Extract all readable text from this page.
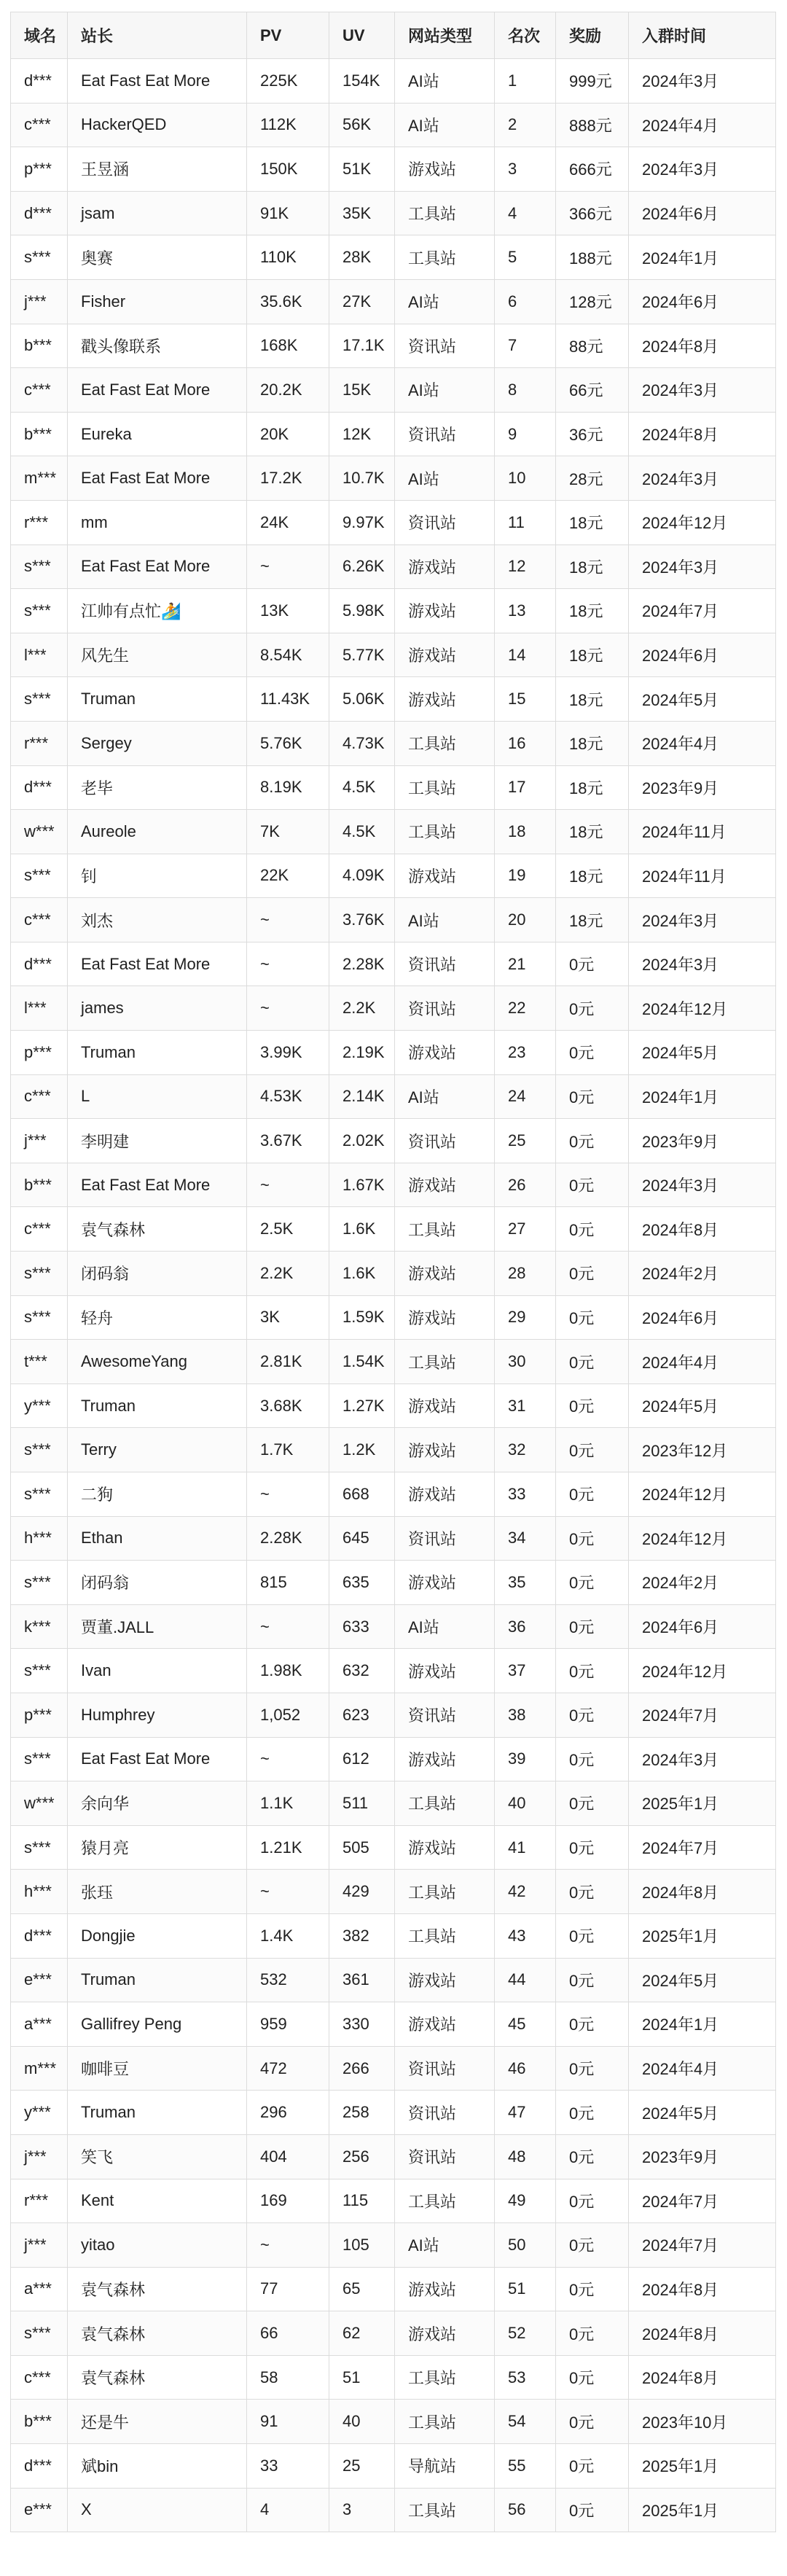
域名	站长	PV	UV	网站类型	名次	奖励	入群时间
d***	Eat Fast Eat More	225K	154K	AI站	1	999元	2024年3月
c***	HackerQED	112K	56K	AI站	2	888元	2024年4月
p***	王昱涵	150K	51K	游戏站	3	666元	2024年3月
d***	jsam	91K	35K	工具站	4	366元	2024年6月
s***	奥赛	110K	28K	工具站	5	188元	2024年1月
j***	Fisher	35.6K	27K	AI站	6	128元	2024年6月
b***	戳头像联系	168K	17.1K	资讯站	7	88元	2024年8月
c***	Eat Fast Eat More	20.2K	15K	AI站	8	66元	2024年3月
b***	Eureka	20K	12K	资讯站	9	36元	2024年8月
m***	Eat Fast Eat More	17.2K	10.7K	AI站	10	28元	2024年3月
r***	mm	24K	9.97K	资讯站	11	18元	2024年12月
s***	Eat Fast Eat More	~	6.26K	游戏站	12	18元	2024年3月
s***	江帅有点忙🏄	13K	5.98K	游戏站	13	18元	2024年7月
l***	风先生	8.54K	5.77K	游戏站	14	18元	2024年6月
s***	Truman	11.43K	5.06K	游戏站	15	18元	2024年5月
r***	Sergey	5.76K	4.73K	工具站	16	18元	2024年4月
d***	老毕	8.19K	4.5K	工具站	17	18元	2023年9月
w***	Aureole	7K	4.5K	工具站	18	18元	2024年11月
s***	钊	22K	4.09K	游戏站	19	18元	2024年11月
c***	刘杰	~	3.76K	AI站	20	18元	2024年3月
d***	Eat Fast Eat More	~	2.28K	资讯站	21	0元	2024年3月
l***	james	~	2.2K	资讯站	22	0元	2024年12月
p***	Truman	3.99K	2.19K	游戏站	23	0元	2024年5月
c***	L	4.53K	2.14K	AI站	24	0元	2024年1月
j***	李明建	3.67K	2.02K	资讯站	25	0元	2023年9月
b***	Eat Fast Eat More	~	1.67K	游戏站	26	0元	2024年3月
c***	袁气森林	2.5K	1.6K	工具站	27	0元	2024年8月
s***	闭码翁	2.2K	1.6K	游戏站	28	0元	2024年2月
s***	轻舟	3K	1.59K	游戏站	29	0元	2024年6月
t***	AwesomeYang	2.81K	1.54K	工具站	30	0元	2024年4月
y***	Truman	3.68K	1.27K	游戏站	31	0元	2024年5月
s***	Terry	1.7K	1.2K	游戏站	32	0元	2023年12月
s***	二狗	~	668	游戏站	33	0元	2024年12月
h***	Ethan	2.28K	645	资讯站	34	0元	2024年12月
s***	闭码翁	815	635	游戏站	35	0元	2024年2月
k***	贾董.JALL	~	633	AI站	36	0元	2024年6月
s***	Ivan	1.98K	632	游戏站	37	0元	2024年12月
p***	Humphrey	1,052	623	资讯站	38	0元	2024年7月
s***	Eat Fast Eat More	~	612	游戏站	39	0元	2024年3月
w***	余向华	1.1K	511	工具站	40	0元	2025年1月
s***	猿月亮	1.21K	505	游戏站	41	0元	2024年7月
h***	张珏	~	429	工具站	42	0元	2024年8月
d***	Dongjie	1.4K	382	工具站	43	0元	2025年1月
e***	Truman	532	361	游戏站	44	0元	2024年5月
a***	Gallifrey Peng	959	330	游戏站	45	0元	2024年1月
m***	咖啡豆	472	266	资讯站	46	0元	2024年4月
y***	Truman	296	258	资讯站	47	0元	2024年5月
j***	笑飞	404	256	资讯站	48	0元	2023年9月
r***	Kent	169	115	工具站	49	0元	2024年7月
j***	yitao	~	105	AI站	50	0元	2024年7月
a***	袁气森林	77	65	游戏站	51	0元	2024年8月
s***	袁气森林	66	62	游戏站	52	0元	2024年8月
c***	袁气森林	58	51	工具站	53	0元	2024年8月
b***	还是牛	91	40	工具站	54	0元	2023年10月
d***	斌bin	33	25	导航站	55	0元	2025年1月
e***	X	4	3	工具站	56	0元	2025年1月
